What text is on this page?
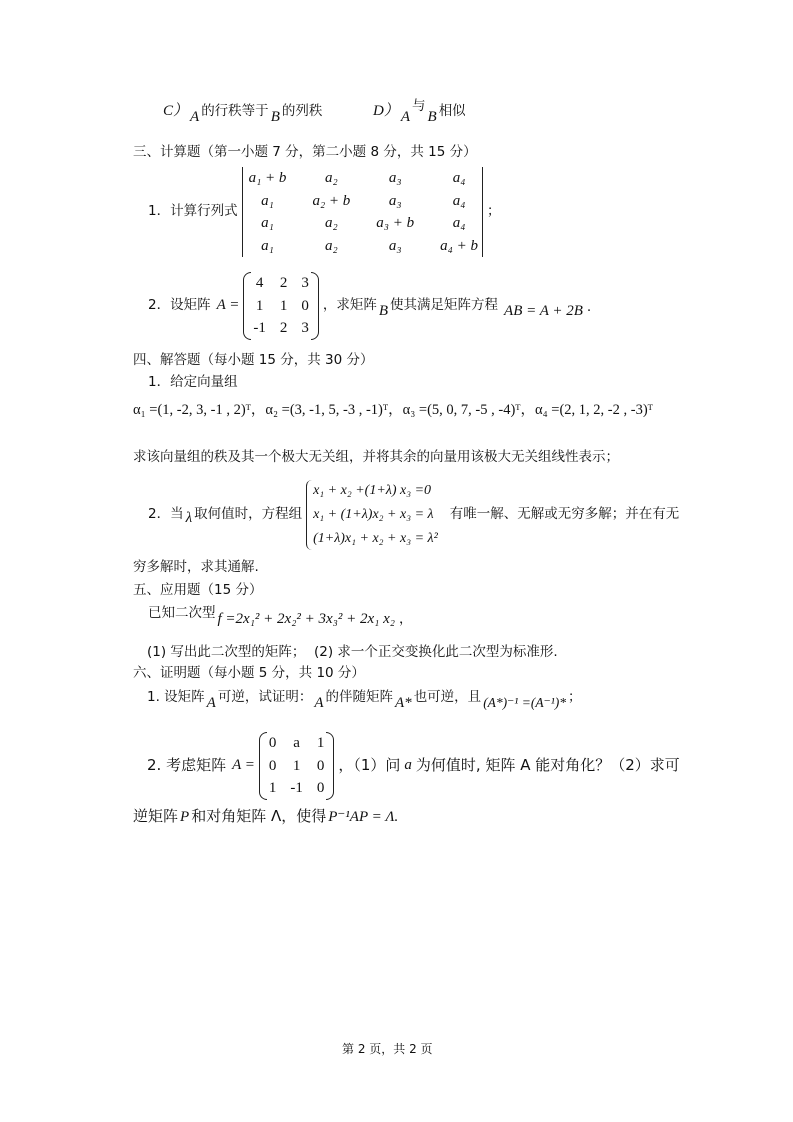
C） A 的行秩等于 B 的列秩	D） A
与
B 相似
三、计算题（第一小题 7 分，第二小题 8 分，共 15 分）
1．计算行列式
a₁ + b	a₂	a₃	a₄
a₁	a₂ + b	a₃	a₄
a₁	a₂	a₃ + b	a₄
a₁	a₂	a₃	a₄ + b
；
2．设矩阵 A =
4 2 3
1 1 0
-1 2 3
，求矩阵 B 使其满足矩阵方程 AB = A + 2B ·
四、解答题（每小题 15 分，共 30 分）
1．给定向量组
α₁ =(1, -2, 3, -1 , 2)ᵀ，α₂ =(3, -1, 5, -3 , -1)ᵀ，α₃ =(5, 0, 7, -5 , -4)ᵀ，α₄ =(2, 1, 2, -2 , -3)ᵀ
求该向量组的秩及其一个极大无关组，并将其余的向量用该极大无关组线性表示；
2．当 λ 取何值时，方程组
x₁ + x₂ +(1+λ) x₃ =0
x₁ + (1+λ)x₂ + x₃ = λ
(1+λ)x₁ + x₂ + x₃ = λ²
有唯一解、无解或无穷多解；并在有无
穷多解时，求其通解.
五、应用题（15 分）
已知二次型 f =2x₁² + 2x₂² + 3x₃² + 2x₁ x₂ ，
(1) 写出此二次型的矩阵；  (2) 求一个正交变换化此二次型为标准形.
六、证明题（每小题 5 分，共 10 分）
1. 设矩阵 A 可逆，试证明： A 的伴随矩阵 A* 也可逆，且 (A*)⁻¹ =(A⁻¹)* ；
2. 考虑矩阵 A =
0 a 1
0 1 0
1 -1 0
，（1）问 a 为何值时, 矩阵 A 能对角化？（2）求可
逆矩阵 P 和对角矩阵 Λ，使得 P⁻¹AP = Λ.
第 2 页，共 2 页
